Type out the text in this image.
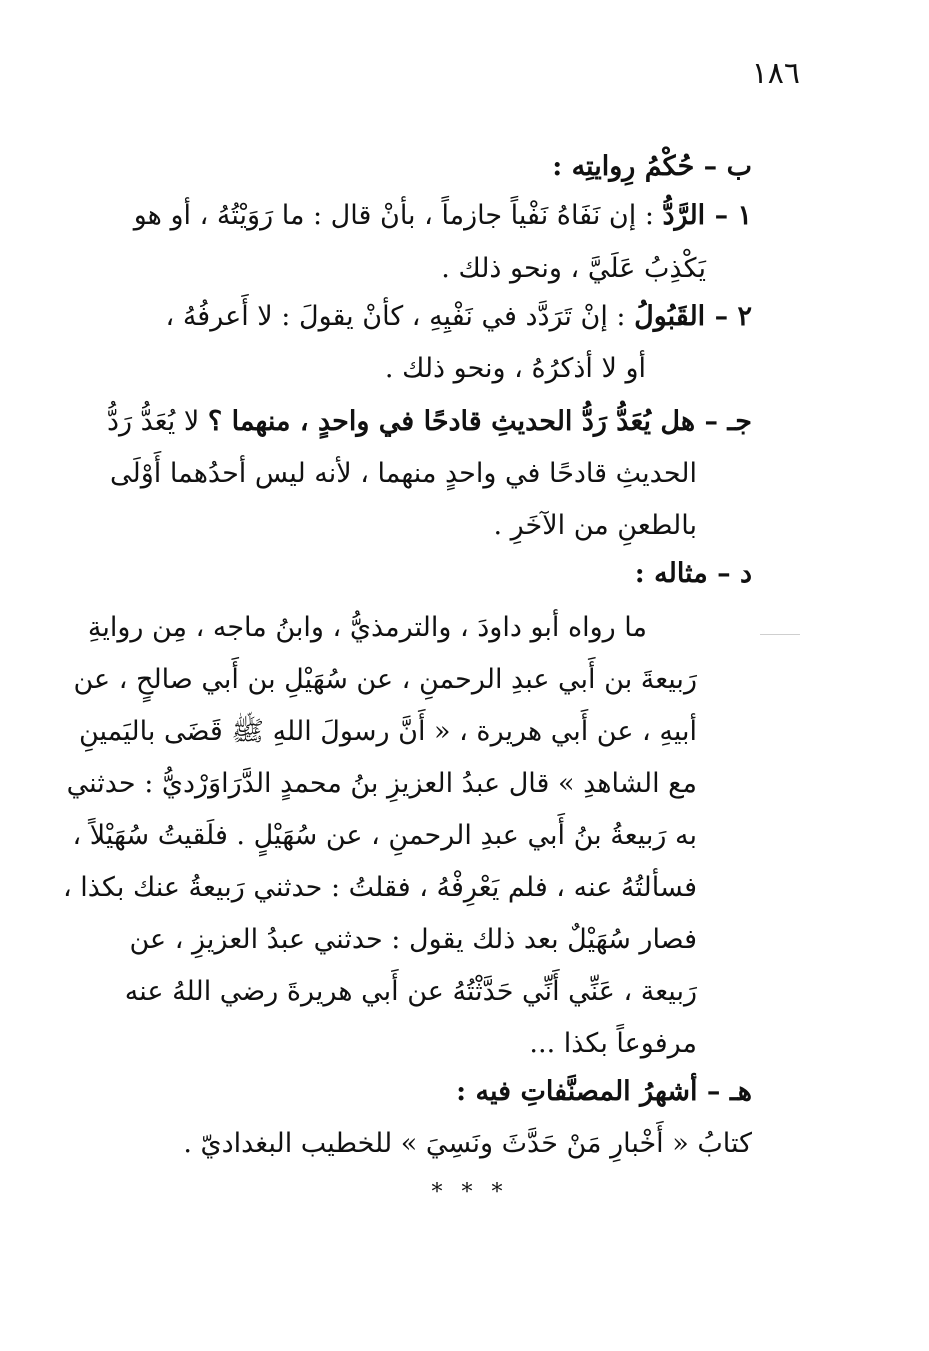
١٨٦
ب – حُكْمُ رِوايتِه :
١ – الرَّدُّ : إن نَفَاهُ نَفْياً جازماً ، بأنْ قال : ما رَوَيْتُهُ ، أو هو
يَكْذِبُ عَلَيَّ ، ونحو ذلك .
٢ – القَبُولُ : إنْ تَرَدَّد في نَفْيِهِ ، كأنْ يقولَ : لا أَعرفُهُ ،
أو لا أذكرُهُ ، ونحو ذلك .
جـ – هل يُعَدُّ رَدُّ الحديثِ قادحًا في واحدٍ ، منهما ؟ لا يُعَدُّ رَدُّ
الحديثِ قادحًا في واحدٍ منهما ، لأنه ليس أحدُهما أَوْلَى
بالطعنِ من الآخَرِ .
د – مثاله :
ما رواه أبو داودَ ، والترمذيُّ ، وابنُ ماجه ، مِن روايةِ
رَبيعةَ بن أَبي عبدِ الرحمنِ ، عن سُهَيْلِ بن أَبي صالحٍ ، عن
أبيهِ ، عن أَبي هريرة ، « أَنَّ رسولَ اللهِ ﷺ قَضَى باليَمينِ
مع الشاهدِ » قال عبدُ العزيزِ بنُ محمدٍ الدَّرَاوَرْديُّ : حدثني
به رَبيعةُ بنُ أَبي عبدِ الرحمنِ ، عن سُهَيْلٍ . فلَقيتُ سُهَيْلاً ،
فسألتُهُ عنه ، فلم يَعْرِفْهُ ، فقلتُ : حدثني رَبيعةُ عنك بكذا ،
فصار سُهَيْلٌ بعد ذلك يقول : حدثني عبدُ العزيزِ ، عن
رَبيعة ، عَنِّي أَنِّي حَدَّثْتُهُ عن أَبي هريرةَ رضي اللهُ عنه
مرفوعاً بكذا ...
هـ – أشهرُ المصنَّفاتِ فيه :
كتابُ « أَخْبارِ مَنْ حَدَّثَ ونَسِيَ » للخطيب البغداديّ .
* * *
